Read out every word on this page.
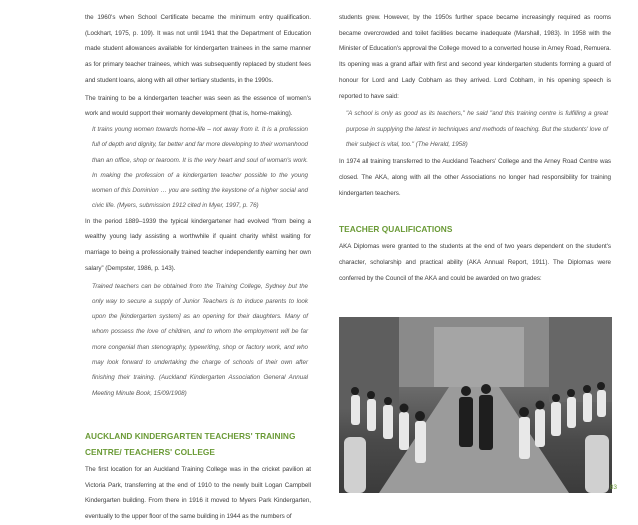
the 1960's when School Certificate became the minimum entry qualification. (Lockhart, 1975, p. 109). It was not until 1941 that the Department of Education made student allowances available for kindergarten trainees in the same manner as for primary teacher trainees, which was subsequently replaced by student fees and student loans, along with all other tertiary students, in the 1990s.

The training to be a kindergarten teacher was seen as the essence of women's work and would support their womanly development (that is, home-making).

It trains young women towards home-life – not away from it. It is a profession full of depth and dignity, far better and far more developing to their womanhood than an office, shop or tearoom. It is the very heart and soul of woman's work. In making the profession of a kindergarten teacher possible to the young women of this Dominion … you are setting the keystone of a higher social and civic life. (Myers, submission 1912 cited in Myer, 1997, p. 76)

In the period 1889–1939 the typical kindergartener had evolved “from being a wealthy young lady assisting a worthwhile if quaint charity whilst waiting for marriage to being a professionally trained teacher independently earning her own salary” (Dempster, 1986, p. 143).

Trained teachers can be obtained from the Training College, Sydney but the only way to secure a supply of Junior Teachers is to induce parents to look upon the [kindergarten system] as an opening for their daughters. Many of whom possess the love of children, and to whom the employment will be far more congenial than stenography, typewriting, shop or factory work, and who may look forward to undertaking the charge of schools of their own after finishing their training. (Auckland Kindergarten Association General Annual Meeting Minute Book, 15/09/1908)

AUCKLAND KINDERGARTEN TEACHERS' TRAINING CENTRE/ TEACHERS' COLLEGE

The first location for an Auckland Training College was in the cricket pavilion at Victoria Park, transferring at the end of 1910 to the newly built Logan Campbell Kindergarten building. From there in 1916 it moved to Myers Park Kindergarten, eventually to the upper floor of the same building in 1944 as the numbers of

students grew. However, by the 1950s further space became increasingly required as rooms became overcrowded and toilet facilities became inadequate (Marshall, 1983). In 1958 with the Minister of Education's approval the College moved to a converted house in Arney Road, Remuera. Its opening was a grand affair with first and second year kindergarten students forming a guard of honour for Lord and Lady Cobham as they arrived. Lord Cobham, in his opening speech is reported to have said:

"A school is only as good as its teachers," he said "and this training centre is fulfilling a great purpose in supplying the latest in techniques and methods of teaching. But the students' love of their subject is vital, too." (The Herald, 1958)

In 1974 all training transferred to the Auckland Teachers' College and the Arney Road Centre was closed. The AKA, along with all the other Associations no longer had responsibility for training kindergarten teachers.

TEACHER QUALIFICATIONS

AKA Diplomas were granted to the students at the end of two years dependent on the student's character, scholarship and practical ability (AKA Annual Report, 1911). The Diplomas were conferred by the Council of the AKA and could be awarded on two grades:

83
